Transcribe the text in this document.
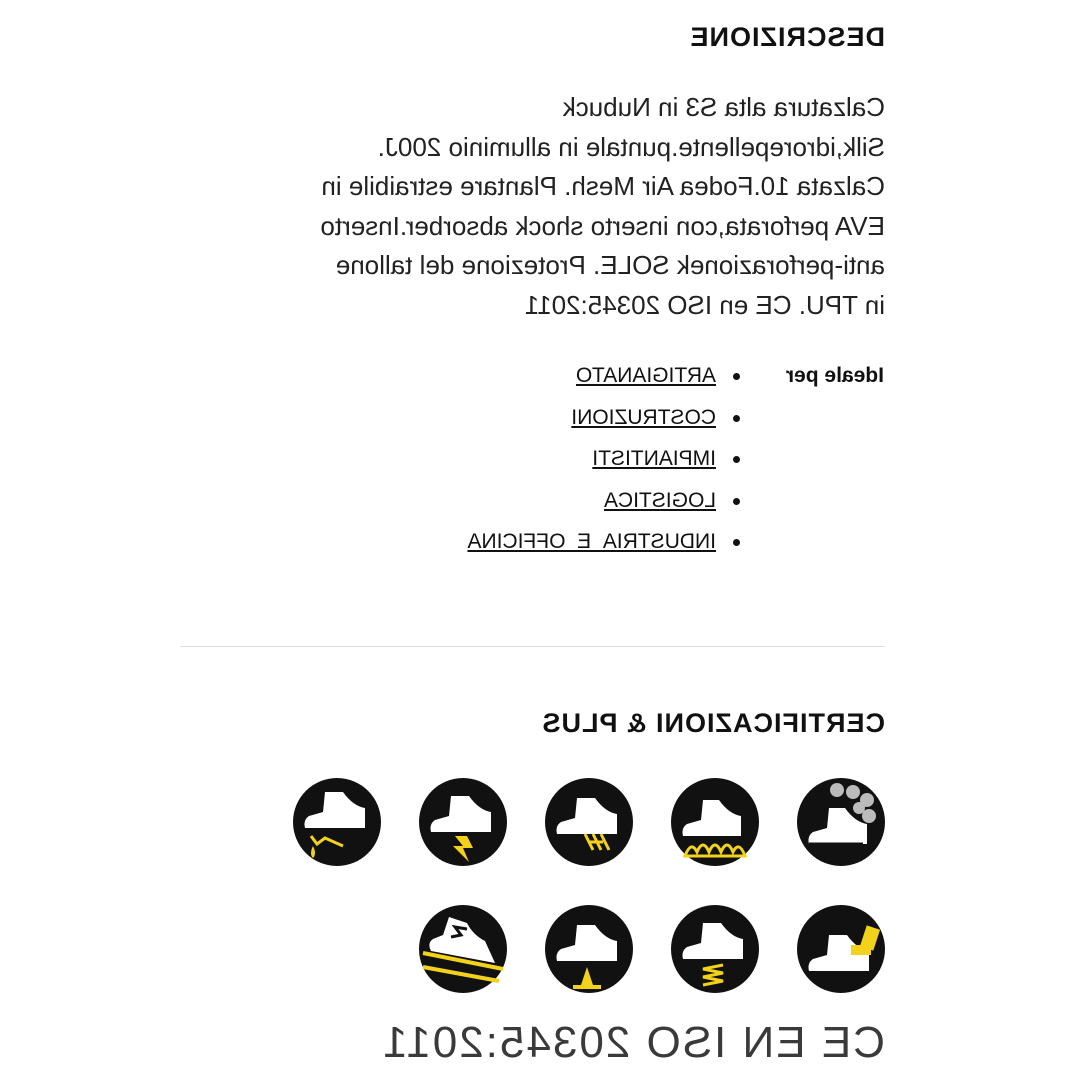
DESCRIZIONE
Calzatura alta S3 in Nubuck
Silk,idrorepellente.puntale in alluminio 200J.
Calzata 10.Fodea Air Mesh. Plantare estraibile in
EVA perforata,con inserto shock absorber.Inserto
anti-perforazionek SOLE. Protezione del tallone
in TPU. CE en ISO 20345:2011
Ideale per
ARTIGIANATO
COSTRUZIONI
IMPIANTISTI
LOGISTICA
INDUSTRIA_E_OFFICINA
CERTIFICAZIONI & PLUS
CE EN ISO 20345:2011
